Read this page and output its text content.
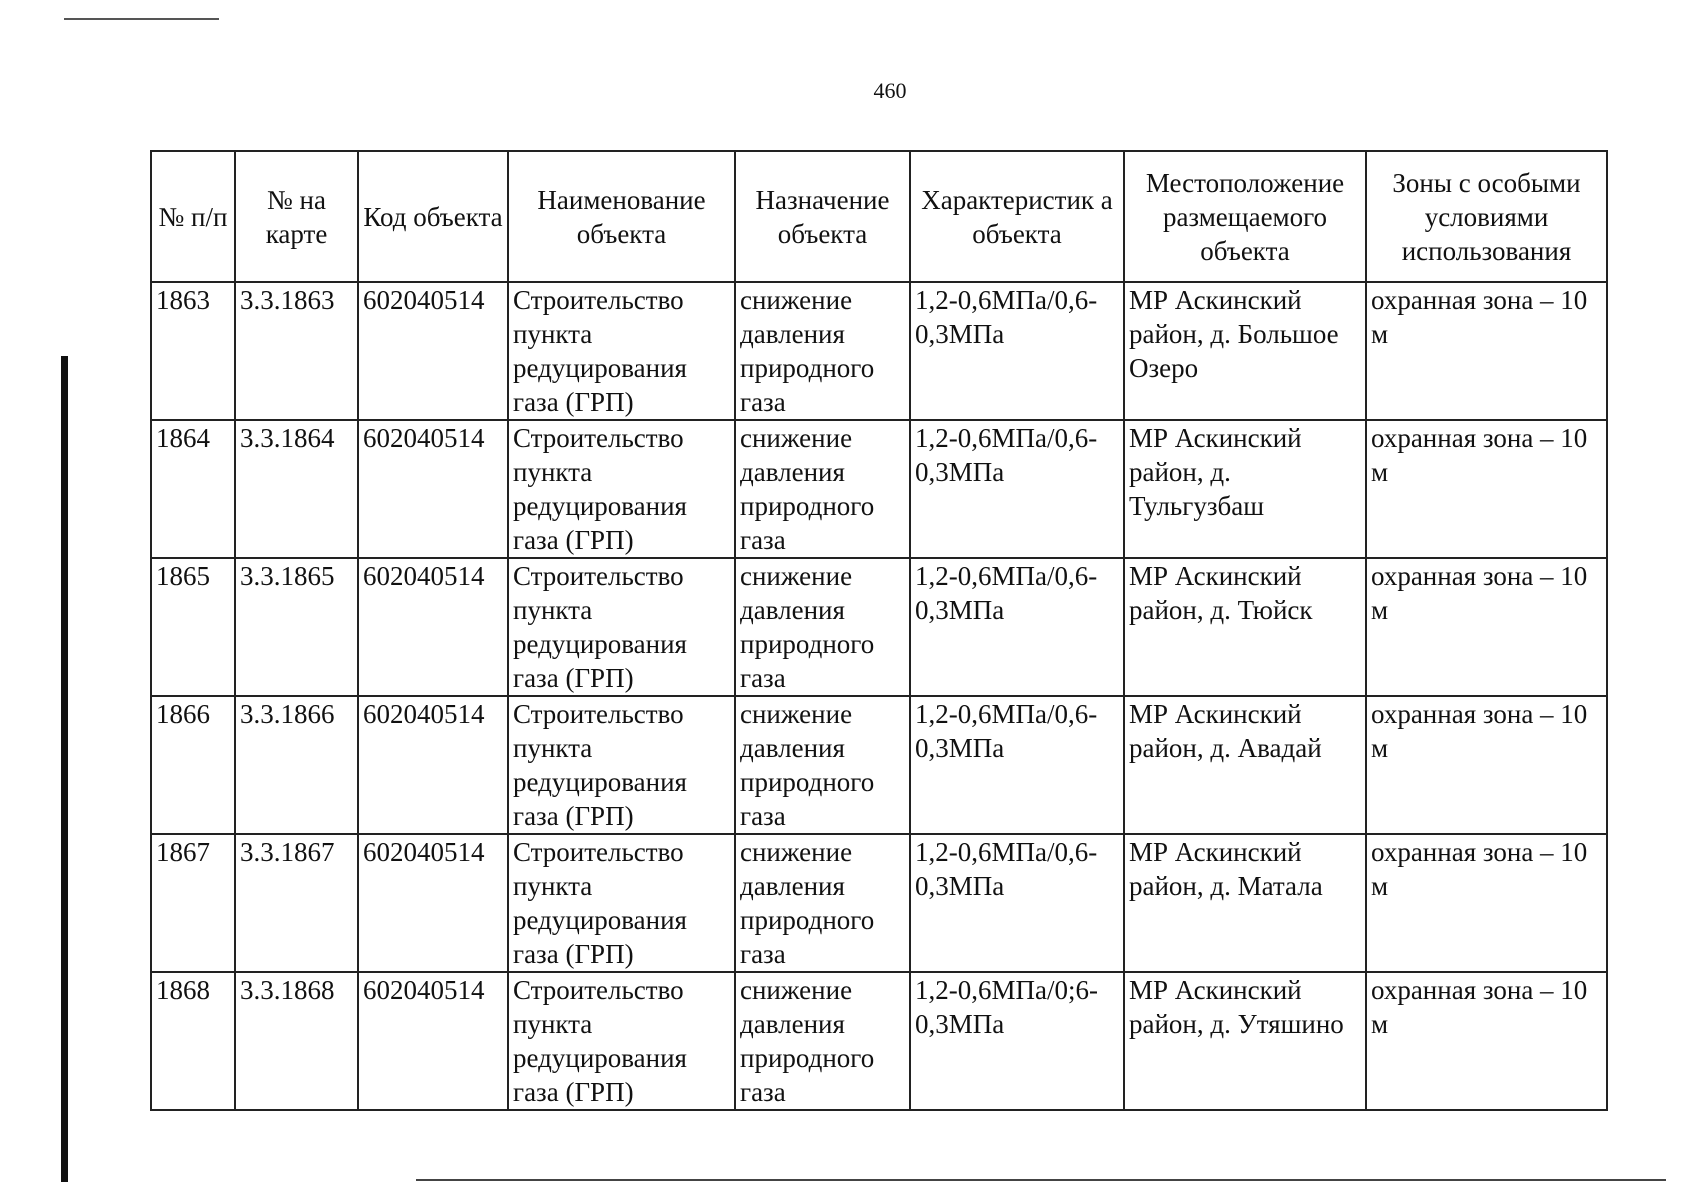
460
№ п/п	№ на карте	Код объекта	Наименование объекта	Назначение объекта	Характеристик а объекта	Местоположение размещаемого объекта	Зоны с особыми условиями использования
1863	3.3.1863	602040514	Строительство пункта редуцирования газа (ГРП)	снижение давления природного газа	1,2-0,6МПа/0,6-0,3МПа	МР Аскинский район, д. Большое Озеро	охранная зона – 10 м
1864	3.3.1864	602040514	Строительство пункта редуцирования газа (ГРП)	снижение давления природного газа	1,2-0,6МПа/0,6-0,3МПа	МР Аскинский район, д. Тульгузбаш	охранная зона – 10 м
1865	3.3.1865	602040514	Строительство пункта редуцирования газа (ГРП)	снижение давления природного газа	1,2-0,6МПа/0,6-0,3МПа	МР Аскинский район, д. Тюйск	охранная зона – 10 м
1866	3.3.1866	602040514	Строительство пункта редуцирования газа (ГРП)	снижение давления природного газа	1,2-0,6МПа/0,6-0,3МПа	МР Аскинский район, д. Авадай	охранная зона – 10 м
1867	3.3.1867	602040514	Строительство пункта редуцирования газа (ГРП)	снижение давления природного газа	1,2-0,6МПа/0,6-0,3МПа	МР Аскинский район, д. Матала	охранная зона – 10 м
1868	3.3.1868	602040514	Строительство пункта редуцирования газа (ГРП)	снижение давления природного газа	1,2-0,6МПа/0;6-0,3МПа	МР Аскинский район, д. Утяшино	охранная зона – 10 м
